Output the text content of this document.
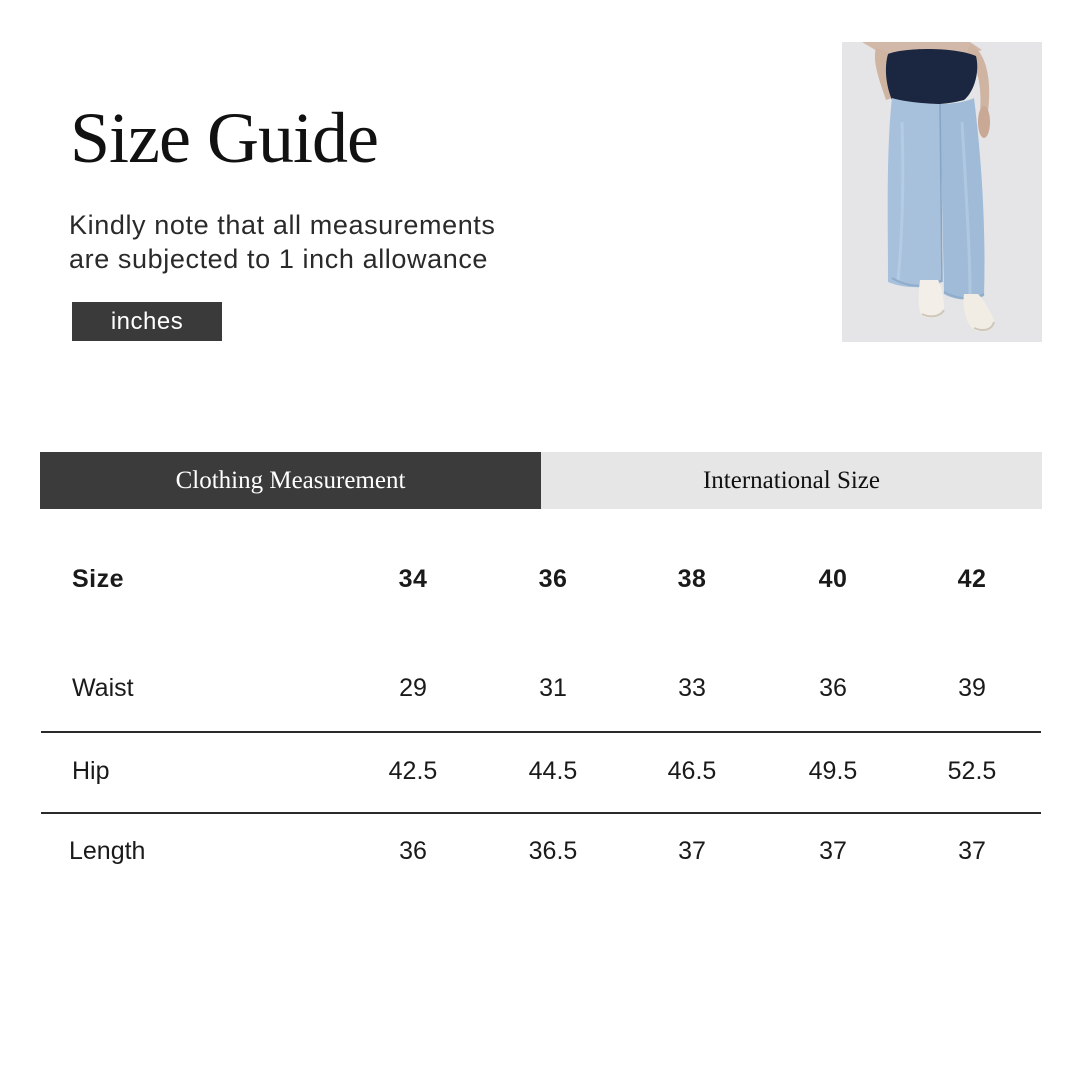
Size Guide
Kindly note that all measurements
are subjected to 1 inch allowance
inches
Clothing Measurement	International Size
Size	34	36	38	40	42
Waist	29	31	33	36	39
Hip	42.5	44.5	46.5	49.5	52.5
Length	36	36.5	37	37	37
